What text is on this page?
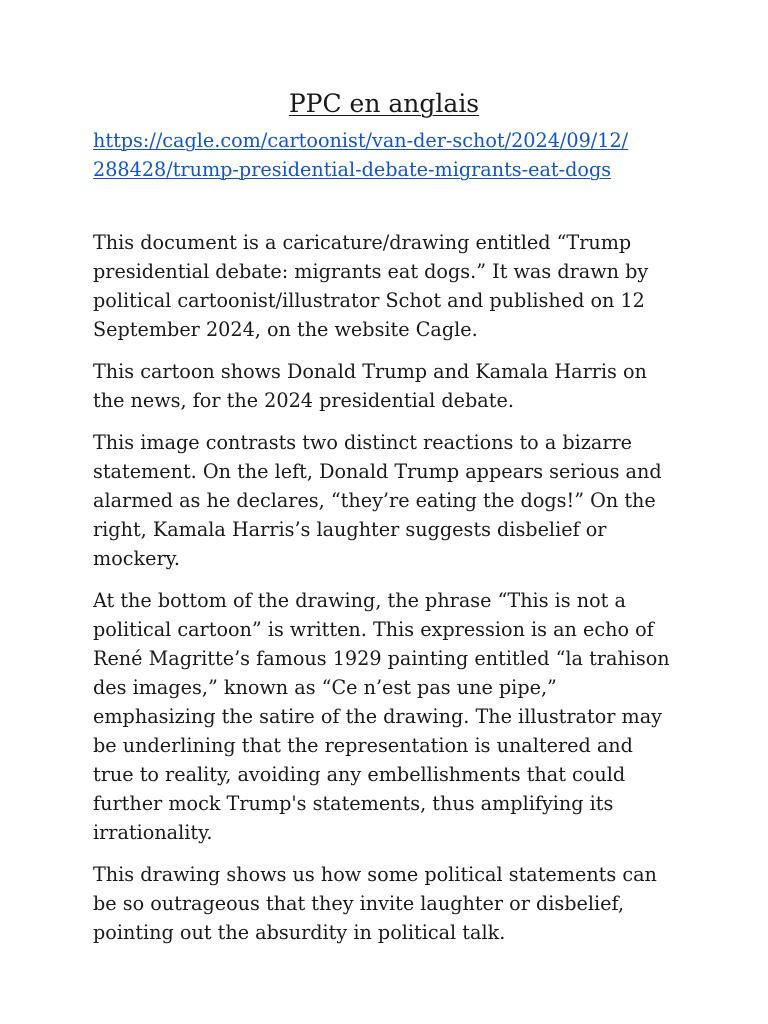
PPC en anglais
https://cagle.com/cartoonist/van-der-schot/2024/09/12/
288428/trump-presidential-debate-migrants-eat-dogs

This document is a caricature/drawing entitled “Trump presidential debate: migrants eat dogs.” It was drawn by political cartoonist/illustrator Schot and published on 12 September 2024, on the website Cagle.

This cartoon shows Donald Trump and Kamala Harris on the news, for the 2024 presidential debate.

This image contrasts two distinct reactions to a bizarre statement. On the left, Donald Trump appears serious and alarmed as he declares, “they’re eating the dogs!” On the right, Kamala Harris’s laughter suggests disbelief or mockery.

At the bottom of the drawing, the phrase “This is not a political cartoon” is written. This expression is an echo of René Magritte’s famous 1929 painting entitled “la trahison des images,” known as “Ce n’est pas une pipe,” emphasizing the satire of the drawing. The illustrator may be underlining that the representation is unaltered and true to reality, avoiding any embellishments that could further mock Trump's statements, thus amplifying its irrationality.

This drawing shows us how some political statements can be so outrageous that they invite laughter or disbelief, pointing out the absurdity in political talk.
